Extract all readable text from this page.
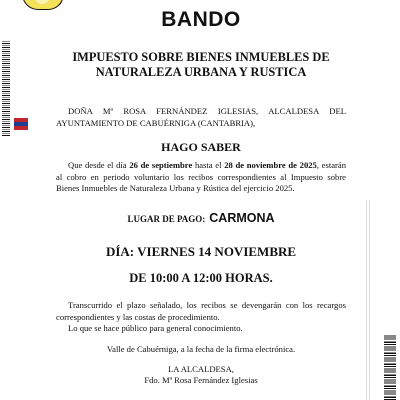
BANDO
IMPUESTO SOBRE BIENES INMUEBLES DE
NATURALEZA URBANA Y RUSTICA
DOÑA Mª ROSA FERNÁNDEZ IGLESIAS, ALCALDESA DEL AYUNTAMIENTO DE CABUÉRNIGA (CANTABRIA),
HAGO SABER
Que desde el día 26 de septiembre hasta el 28 de noviembre de 2025, estarán al cobro en periodo voluntario los recibos correspondientes al Impuesto sobre Bienes Inmuebles de Naturaleza Urbana y Rústica del ejercicio 2025.
LUGAR DE PAGO: CARMONA
DÍA: VIERNES 14 NOVIEMBRE
DE 10:00 A 12:00 HORAS.
Transcurrido el plazo señalado, los recibos se devengarán con los recargos correspondientes y las costas de procedimiento.
Lo que se hace público para general conocimiento.
Valle de Cabuérniga, a la fecha de la firma electrónica.
LA ALCALDESA,
Fdo. Mª Rosa Fernández Iglesias
